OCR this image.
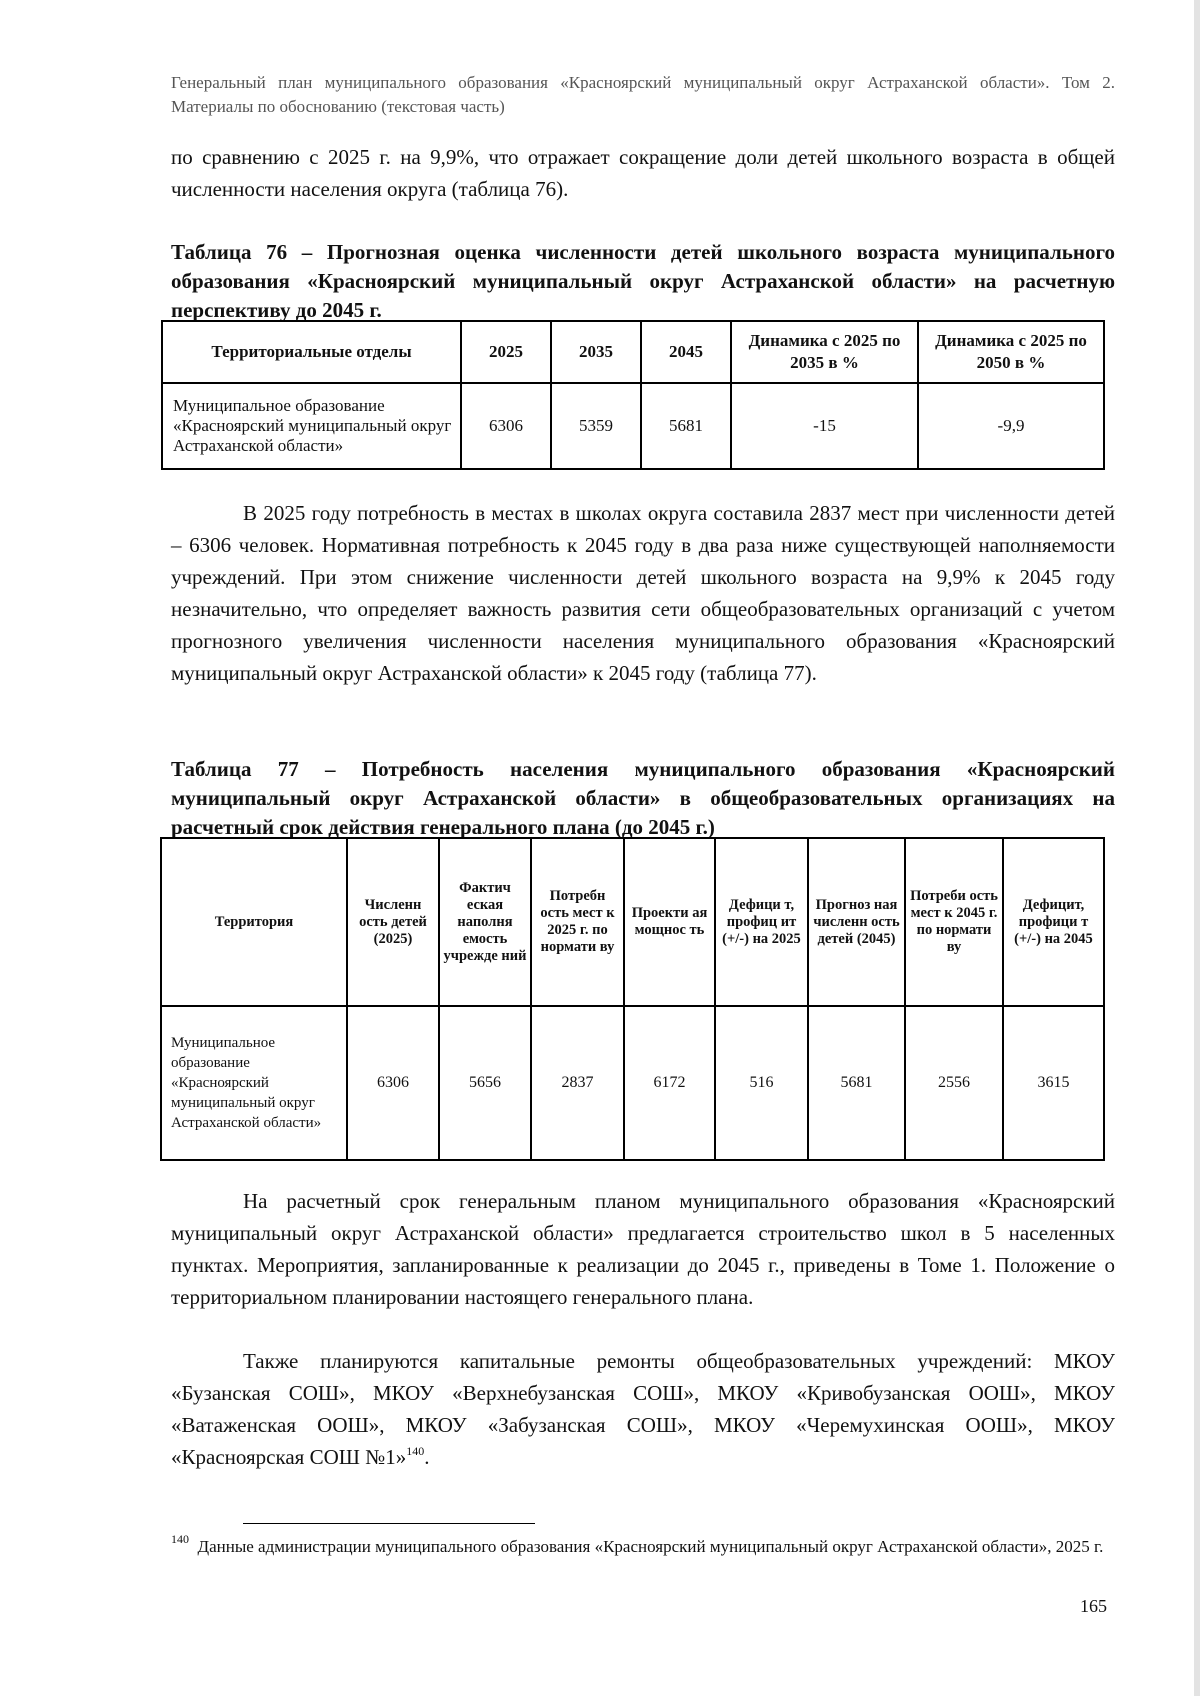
Генеральный план муниципального образования «Красноярский муниципальный округ Астраханской области». Том 2. Материалы по обоснованию (текстовая часть)
по сравнению с 2025 г. на 9,9%, что отражает сокращение доли детей школьного возраста в общей численности населения округа (таблица 76).
Таблица 76 – Прогнозная оценка численности детей школьного возраста муниципального образования «Красноярский муниципальный округ Астраханской области» на расчетную перспективу до 2045 г.
Территориальные отделы	2025	2035	2045	Динамика с 2025 по 2035 в %	Динамика с 2025 по 2050 в %
Муниципальное образование «Красноярский муниципальный округ Астраханской области»	6306	5359	5681	-15	-9,9
В 2025 году потребность в местах в школах округа составила 2837 мест при численности детей – 6306 человек. Нормативная потребность к 2045 году в два раза ниже существующей наполняемости учреждений. При этом снижение численности детей школьного возраста на 9,9% к 2045 году незначительно, что определяет важность развития сети общеобразовательных организаций с учетом прогнозного увеличения численности населения муниципального образования «Красноярский муниципальный округ Астраханской области» к 2045 году (таблица 77).
Таблица 77 – Потребность населения муниципального образования «Красноярский муниципальный округ Астраханской области» в общеобразовательных организациях на расчетный срок действия генерального плана (до 2045 г.)
Территория	Численн ость детей (2025)	Фактич еская наполня емость учрежде ний	Потребн ость мест к 2025 г. по нормати ву	Проекти ая мощнос ть	Дефици т, профиц ит (+/-) на 2025	Прогноз ная численн ость детей (2045)	Потреби ость мест к 2045 г. по нормати ву	Дефицит, профици т (+/-) на 2045
Муниципальное образование «Красноярский муниципальный округ Астраханской области»	6306	5656	2837	6172	516	5681	2556	3615
На расчетный срок генеральным планом муниципального образования «Красноярский муниципальный округ Астраханской области» предлагается строительство школ в 5 населенных пунктах. Мероприятия, запланированные к реализации до 2045 г., приведены в Томе 1. Положение о территориальном планировании настоящего генерального плана.
Также планируются капитальные ремонты общеобразовательных учреждений: МКОУ «Бузанская СОШ», МКОУ «Верхнебузанская СОШ», МКОУ «Кривобузанская ООШ», МКОУ «Ватаженская ООШ», МКОУ «Забузанская СОШ», МКОУ «Черемухинская ООШ», МКОУ «Красноярская СОШ №1»$^{140}$.
$^{140}$ Данные администрации муниципального образования «Красноярский муниципальный округ Астраханской области», 2025 г.
165
